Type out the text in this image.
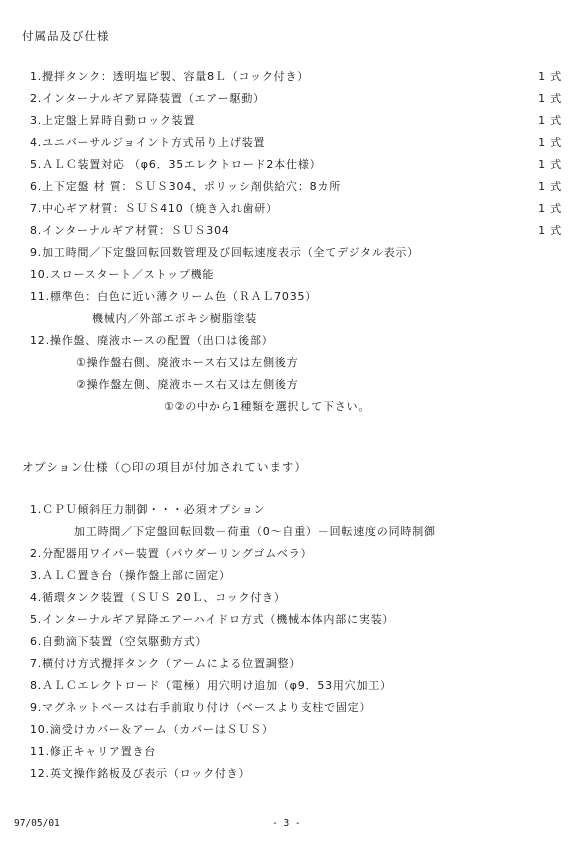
付属品及び仕様
1.攪拌タンク：透明塩ビ製、容量8Ｌ（コック付き）	1 式
2.インターナルギア昇降装置（エアー駆動）	1 式
3.上定盤上昇時自動ロック装置	1 式
4.ユニバーサルジョイント方式吊り上げ装置	1 式
5.ＡＬＣ装置対応 （φ6．35エレクトロード2本仕様）	1 式
6.上下定盤 材 質：ＳＵＳ304、ポリッシ剤供給穴：8カ所	1 式
7.中心ギア材質：ＳＵＳ410（焼き入れ歯研）	1 式
8.インターナルギア材質：ＳＵＳ304	1 式
9.加工時間／下定盤回転回数管理及び回転速度表示（全てデジタル表示）
10.スロースタート／ストップ機能
11.標準色：白色に近い薄クリーム色（ＲＡＬ7035）
機械内／外部エポキシ樹脂塗装
12.操作盤、廃液ホースの配置（出口は後部）
①操作盤右側、廃液ホース右又は左側後方
②操作盤左側、廃液ホース右又は左側後方
①②の中から1種類を選択して下さい。
オプション仕様（○印の項目が付加されています）
1.ＣＰＵ傾斜圧力制御・・・必須オプション
加工時間／下定盤回転回数－荷重（0～自重）－回転速度の同時制御
2.分配器用ワイパー装置（パウダーリングゴムベラ）
3.ＡＬＣ置き台（操作盤上部に固定）
4.循環タンク装置（ＳＵＳ 20Ｌ、コック付き）
5.インターナルギア昇降エアーハイドロ方式（機械本体内部に実装）
6.自動滴下装置（空気駆動方式）
7.横付け方式攪拌タンク（アームによる位置調整）
8.ＡＬＣエレクトロード（電極）用穴明け追加（φ9．53用穴加工）
9.マグネットベースは右手前取り付け（ベースより支柱で固定）
10.滴受けカバー＆アーム（カバーはＳＵＳ）
11.修正キャリア置き台
12.英文操作銘板及び表示（ロック付き）
97/05/01	- 3 -
